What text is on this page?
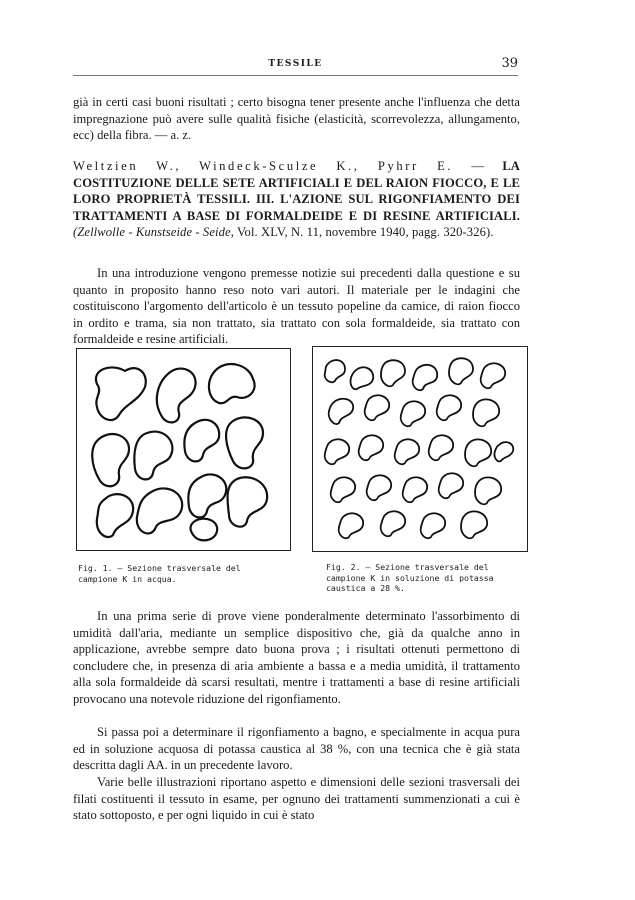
TESSILE	39

già in certi casi buoni risultati ; certo bisogna tener presente anche l'influenza che detta impregnazione può avere sulle qualità fisiche (elasticità, scorrevolezza, allungamento, ecc) della fibra. — a. z.

Weltzien W., Windeck-Sculze K., Pyhrr E. — LA COSTITUZIONE DELLE SETE ARTIFICIALI E DEL RAION FIOCCO, E LE LORO PROPRIETÀ TESSILI. III. L'AZIONE SUL RIGONFIAMENTO DEI TRATTAMENTI A BASE DI FORMALDEIDE E DI RESINE ARTIFICIALI. (Zellwolle - Kunstseide - Seide, Vol. XLV, N. 11, novembre 1940, pagg. 320-326).

In una introduzione vengono premesse notizie sui precedenti dalla questione e su quanto in proposito hanno reso noto vari autori. Il materiale per le indagini che costituiscono l'argomento dell'articolo è un tessuto popeline da camice, di raion fiocco in ordito e trama, sia non trattato, sia trattato con sola formaldeide, sia trattato con formaldeide e resine artificiali.

Fig. 1. — Sezione trasversale del campione K in acqua.

Fig. 2. — Sezione trasversale del campione K in soluzione di potassa caustica a 28 %.

In una prima serie di prove viene ponderalmente determinato l'assorbimento di umidità dall'aria, mediante un semplice dispositivo che, già da qualche anno in applicazione, avrebbe sempre dato buona prova ; i risultati ottenuti permettono di concludere che, in presenza di aria ambiente a bassa e a media umidità, il trattamento alla sola formaldeide dà scarsi resultati, mentre i trattamenti a base di resine artificiali provocano una notevole riduzione del rigonfiamento.

Si passa poi a determinare il rigonfiamento a bagno, e specialmente in acqua pura ed in soluzione acquosa di potassa caustica al 38 %, con una tecnica che è già stata descritta dagli AA. in un precedente lavoro.

Varie belle illustrazioni riportano aspetto e dimensioni delle sezioni trasversali dei filati costituenti il tessuto in esame, per ognuno dei trattamenti summenzionati a cui è stato sottoposto, e per ogni liquido in cui è stato
